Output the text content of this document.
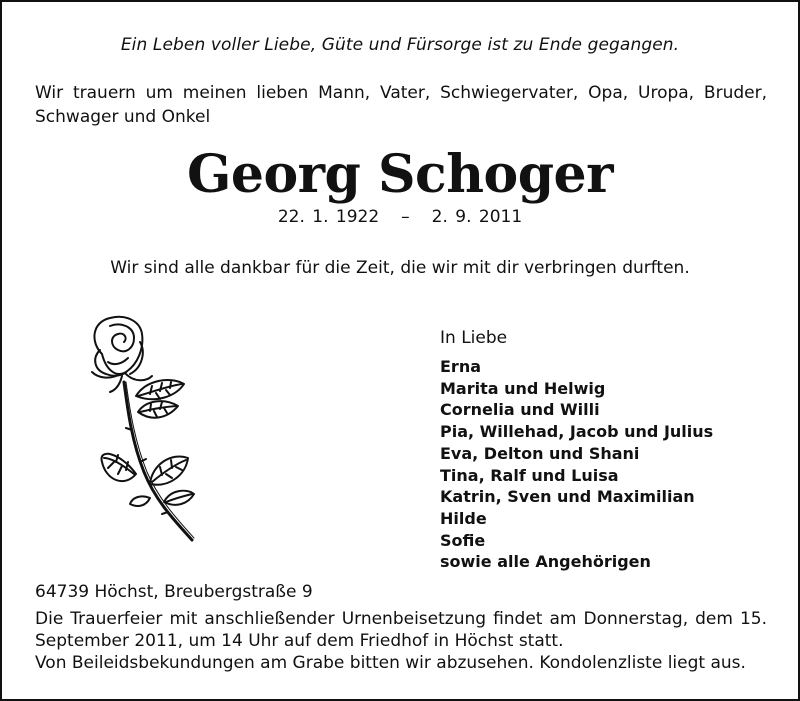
Ein Leben voller Liebe, Güte und Fürsorge ist zu Ende gegangen.
Wir trauern um meinen lieben Mann, Vater, Schwiegervater, Opa, Uropa, Bruder, Schwager und Onkel
Georg Schoger
22. 1. 1922 – 2. 9. 2011
Wir sind alle dankbar für die Zeit, die wir mit dir verbringen durften.
In Liebe
Erna
Marita und Helwig
Cornelia und Willi
Pia, Willehad, Jacob und Julius
Eva, Delton und Shani
Tina, Ralf und Luisa
Katrin, Sven und Maximilian
Hilde
Sofie
sowie alle Angehörigen
64739 Höchst, Breubergstraße 9

Die Trauerfeier mit anschließender Urnenbeisetzung findet am Donnerstag, dem 15. September 2011, um 14 Uhr auf dem Friedhof in Höchst statt.

Von Beileidsbekundungen am Grabe bitten wir abzusehen. Kondolenzliste liegt aus.
